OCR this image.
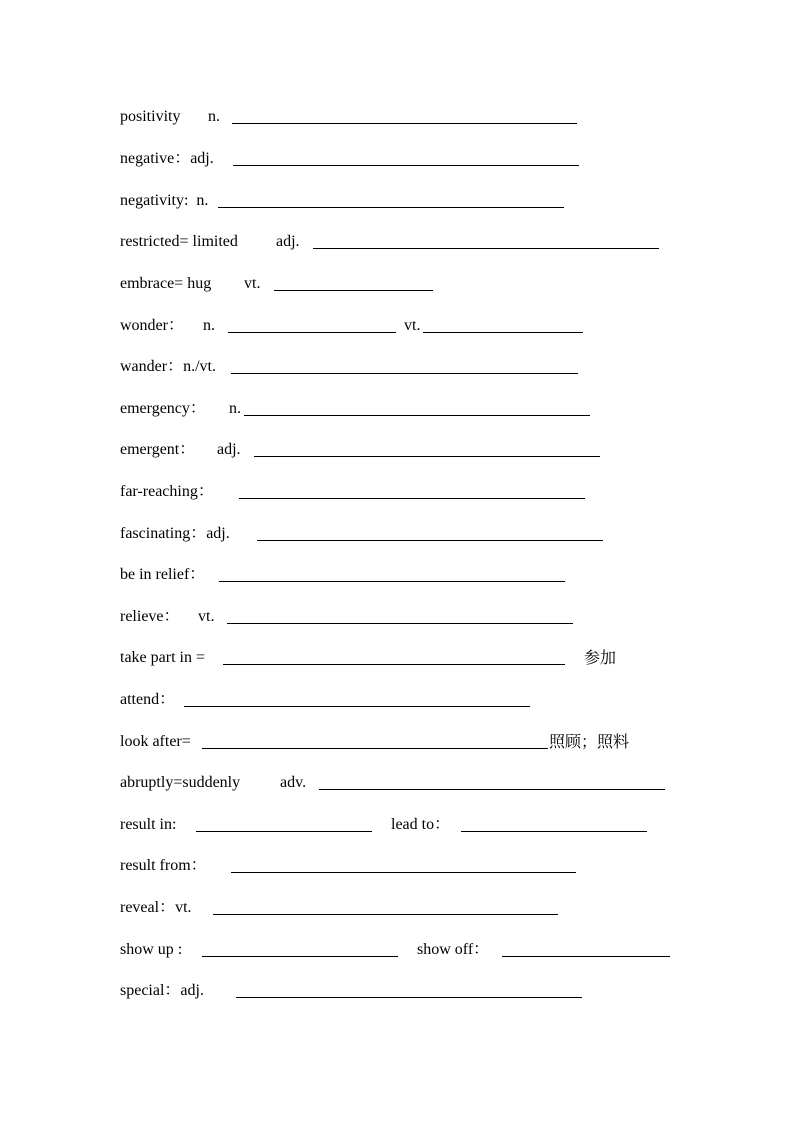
positivity n.
negative：adj.
negativity:  n.
restricted= limited adj.
embrace= hug vt.
wonder： n.	vt.
wander：n./vt.
emergency： n.
emergent： adj.
far-reaching：
fascinating：adj.
be in relief：
relieve： vt.
take part in =	参加
attend：
look after=	照顾；照料
abruptly=suddenly adv.
result in:	lead to：
result from：
reveal：vt.
show up :	show off：
special：adj.
